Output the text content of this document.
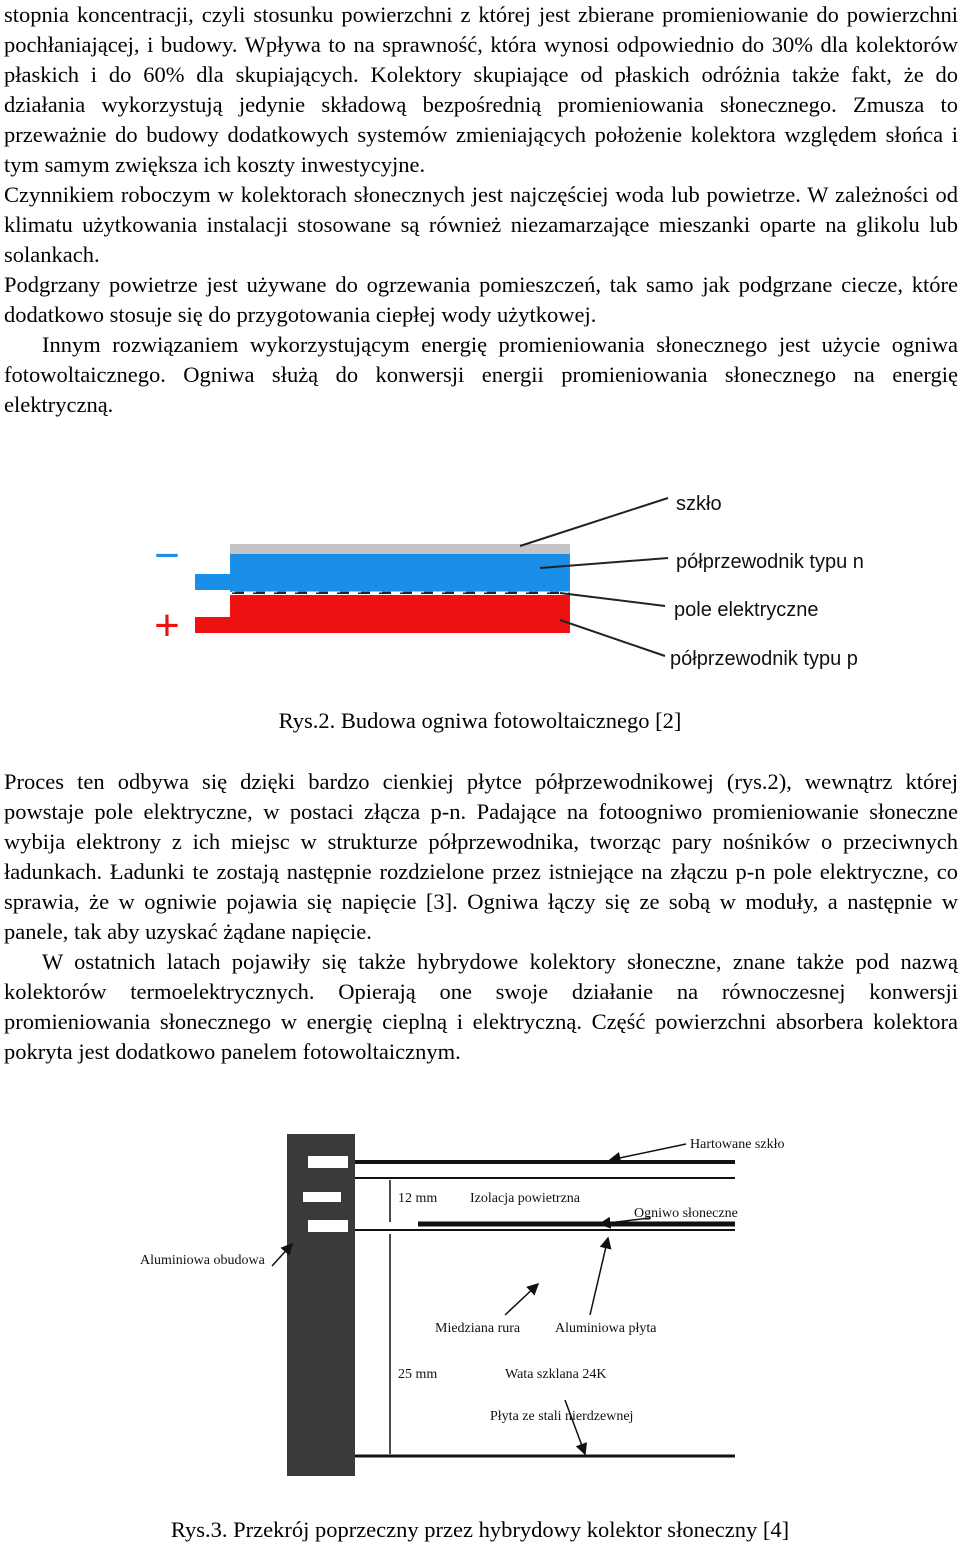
stopnia koncentracji, czyli stosunku powierzchni z której jest zbierane promieniowanie do powierzchni pochłaniającej, i budowy. Wpływa to na sprawność, która wynosi odpowiednio do 30% dla kolektorów płaskich i do 60% dla skupiających. Kolektory skupiające od płaskich odróżnia także fakt, że do działania wykorzystują jedynie składową bezpośrednią promieniowania słonecznego. Zmusza to przeważnie do budowy dodatkowych systemów zmieniających położenie kolektora względem słońca i tym samym zwiększa ich koszty inwestycyjne.

Czynnikiem roboczym w kolektorach słonecznych jest najczęściej woda lub powietrze. W zależności od klimatu użytkowania instalacji stosowane są również niezamarzające mieszanki oparte na glikolu lub solankach.

Podgrzany powietrze jest używane do ogrzewania pomieszczeń, tak samo jak podgrzane ciecze, które dodatkowo stosuje się do przygotowania ciepłej wody użytkowej.

Innym rozwiązaniem wykorzystującym energię promieniowania słonecznego jest użycie ogniwa fotowoltaicznego. Ogniwa służą do konwersji energii promieniowania słonecznego na energię elektryczną.

−
+
szkło
półprzewodnik typu n
pole elektryczne
półprzewodnik typu p
Rys.2. Budowa ogniwa fotowoltaicznego [2]

Proces ten odbywa się dzięki bardzo cienkiej płytce półprzewodnikowej (rys.2), wewnątrz której powstaje pole elektryczne, w postaci złącza p-n. Padające na fotoogniwo promieniowanie słoneczne wybija elektrony z ich miejsc w strukturze półprzewodnika, tworząc pary nośników o przeciwnych ładunkach. Ładunki te zostają następnie rozdzielone przez istniejące na złączu p-n pole elektryczne, co sprawia, że w ogniwie pojawia się napięcie [3]. Ogniwa łączy się ze sobą w moduły, a następnie w panele, tak aby uzyskać żądane napięcie.

W ostatnich latach pojawiły się także hybrydowe kolektory słoneczne, znane także pod nazwą kolektorów termoelektrycznych. Opierają one swoje działanie na równoczesnej konwersji promieniowania słonecznego w energię cieplną i elektryczną. Część powierzchni absorbera kolektora pokryta jest dodatkowo panelem fotowoltaicznym.

Hartowane szkło
12 mm Izolacja powietrzna
Ogniwo słoneczne
Aluminiowa obudowa
Miedziana rura Aluminiowa płyta
25 mm	Wata szklana 24K
Płyta ze stali nierdzewnej
Rys.3. Przekrój poprzeczny przez hybrydowy kolektor słoneczny [4]
